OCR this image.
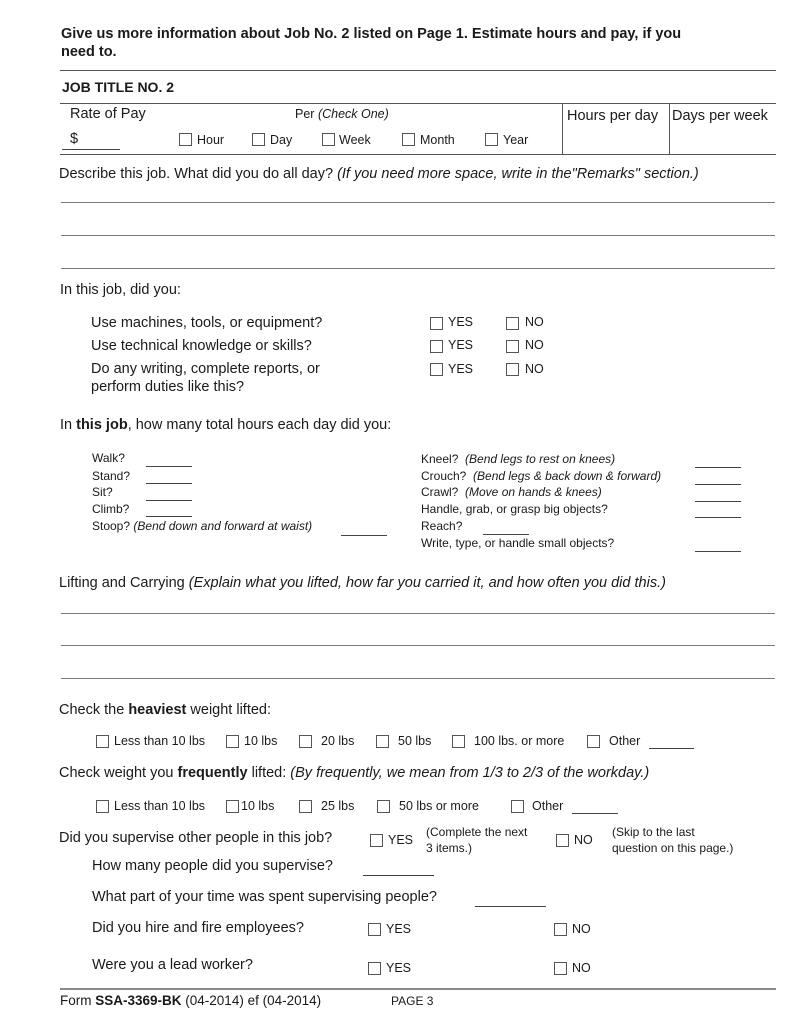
Give us more information about Job No. 2 listed on Page 1. Estimate hours and pay, if you
need to.
JOB TITLE NO. 2
Rate of Pay	Per (Check One)
$	Hour	Day	Week	Month	Year
Hours per day Days per week
Describe this job. What did you do all day? (If you need more space, write in the"Remarks" section.)
In this job, did you:
Use machines, tools, or equipment?	YES	NO
Use technical knowledge or skills?	YES	NO
Do any writing, complete reports, or
perform duties like this?
YES	NO
In this job, how many total hours each day did you:
Walk?
Stand?
Sit?
Climb?
Stoop? (Bend down and forward at waist)
Kneel? (Bend legs to rest on knees)
Crouch? (Bend legs & back down & forward)
Crawl? (Move on hands & knees)
Handle, grab, or grasp big objects?
Reach?
Write, type, or handle small objects?
Lifting and Carrying (Explain what you lifted, how far you carried it, and how often you did this.)
Check the heaviest weight lifted:
Less than 10 lbs	10 lbs	20 lbs	50 lbs	100 lbs. or more	Other
Check weight you frequently lifted: (By frequently, we mean from 1/3 to 2/3 of the workday.)
Less than 10 lbs	10 lbs	25 lbs	50 lbs or more	Other
Did you supervise other people in this job?	YES
(Complete the next
3 items.)
NO
(Skip to the last
question on this page.)
How many people did you supervise?
What part of your time was spent supervising people?
Did you hire and fire employees?	YES	NO
Were you a lead worker?	YES	NO
Form SSA-3369-BK (04-2014) ef (04-2014)	PAGE 3
